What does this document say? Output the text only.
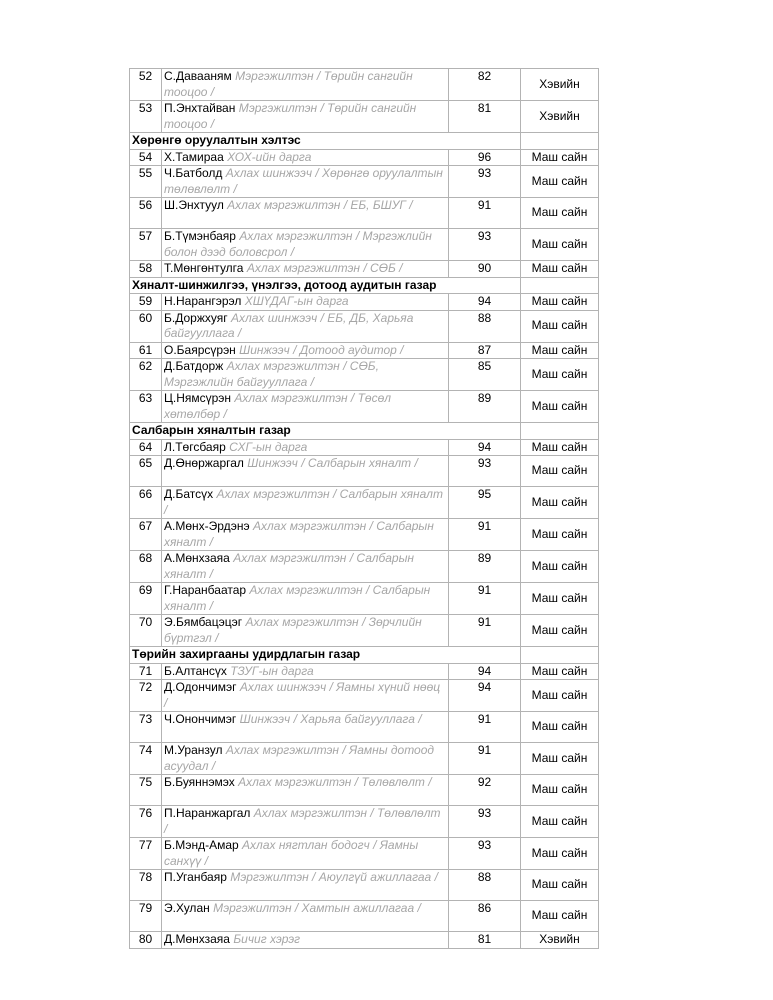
52	С.Давааням Мэргэжилтэн / Төрийн сангийн тооцоо /	82	Хэвийн
53	П.Энхтайван Мэргэжилтэн / Төрийн сангийн тооцоо /	81	Хэвийн
Хөрөнгө оруулалтын хэлтэс			
54	Х.Тамираа ХОХ-ийн дарга	96	Маш сайн
55	Ч.Батболд Ахлах шинжээч / Хөрөнгө оруулалтын төлөвлөлт /	93	Маш сайн
56	Ш.Энхтуул Ахлах мэргэжилтэн / ЕБ, БШУГ /	91	Маш сайн
57	Б.Түмэнбаяр Ахлах мэргэжилтэн / Мэргэжлийн болон дээд боловсрол /	93	Маш сайн
58	Т.Мөнгөнтулга Ахлах мэргэжилтэн / СӨБ /	90	Маш сайн
Хяналт-шинжилгээ, үнэлгээ, дотоод аудитын газар			
59	Н.Нарангэрэл ХШҮДАГ-ын дарга	94	Маш сайн
60	Б.Доржхуяг Ахлах шинжээч / ЕБ, ДБ, Харьяа байгууллага /	88	Маш сайн
61	О.Баярсүрэн Шинжээч / Дотоод аудитор /	87	Маш сайн
62	Д.Батдорж Ахлах мэргэжилтэн / СӨБ, Мэргэжлийн байгууллага /	85	Маш сайн
63	Ц.Нямсүрэн Ахлах мэргэжилтэн / Төсөл хөтөлбөр /	89	Маш сайн
Салбарын хяналтын газар			
64	Л.Төгсбаяр СХГ-ын дарга	94	Маш сайн
65	Д.Өнөржаргал Шинжээч / Салбарын хяналт /	93	Маш сайн
66	Д.Батсүх Ахлах мэргэжилтэн / Салбарын хяналт /	95	Маш сайн
67	А.Мөнх-Эрдэнэ Ахлах мэргэжилтэн / Салбарын хяналт /	91	Маш сайн
68	А.Мөнхзаяа Ахлах мэргэжилтэн / Салбарын хяналт /	89	Маш сайн
69	Г.Наранбаатар Ахлах мэргэжилтэн / Салбарын хяналт /	91	Маш сайн
70	Э.Бямбацэцэг Ахлах мэргэжилтэн / Зөрчлийн бүртгэл /	91	Маш сайн
Төрийн захиргааны удирдлагын газар			
71	Б.Алтансүх ТЗУГ-ын дарга	94	Маш сайн
72	Д.Одончимэг Ахлах шинжээч / Яамны хүний нөөц /	94	Маш сайн
73	Ч.Онончимэг Шинжээч / Харьяа байгууллага /	91	Маш сайн
74	М.Уранзул Ахлах мэргэжилтэн / Яамны дотоод асуудал /	91	Маш сайн
75	Б.Буяннэмэх Ахлах мэргэжилтэн / Төлөвлөлт /	92	Маш сайн
76	П.Наранжаргал Ахлах мэргэжилтэн / Төлөвлөлт /	93	Маш сайн
77	Б.Мэнд-Амар Ахлах нягтлан бодогч / Яамны санхүү /	93	Маш сайн
78	П.Уганбаяр Мэргэжилтэн / Аюулгүй ажиллагаа /	88	Маш сайн
79	Э.Хулан Мэргэжилтэн / Хамтын ажиллагаа /	86	Маш сайн
80	Д.Мөнхзаяа Бичиг хэрэг	81	Хэвийн
